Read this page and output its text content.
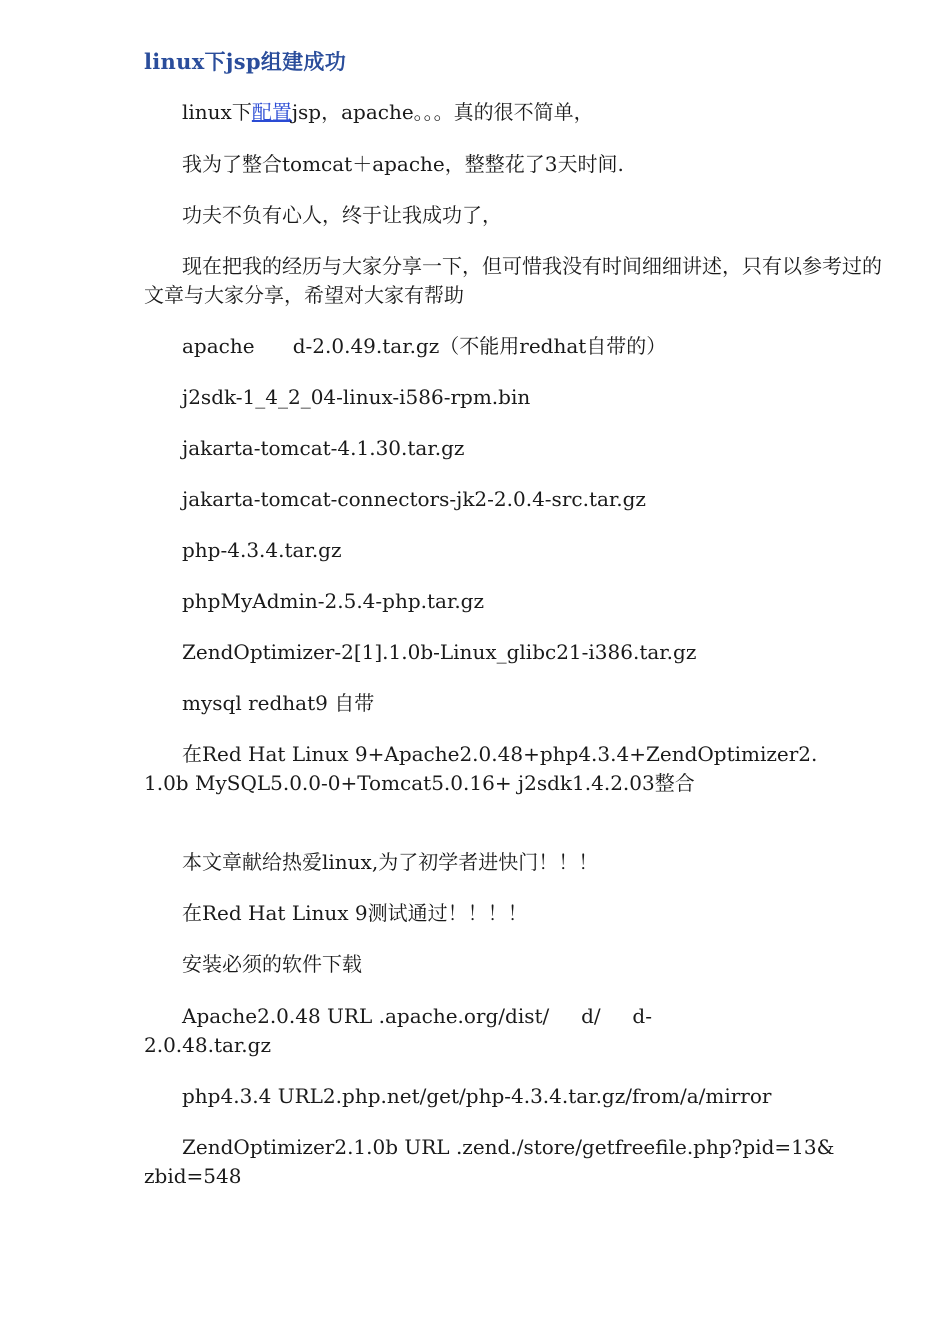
linux下jsp组建成功
linux下配置jsp，apache。。。真的很不简单，
我为了整合tomcat＋apache，整整花了3天时间.
功夫不负有心人，终于让我成功了，
现在把我的经历与大家分享一下，但可惜我没有时间细细讲述，只有以参考过的文章与大家分享，希望对大家有帮助
apache      d-2.0.49.tar.gz（不能用redhat自带的）
j2sdk-1_4_2_04-linux-i586-rpm.bin
jakarta-tomcat-4.1.30.tar.gz
jakarta-tomcat-connectors-jk2-2.0.4-src.tar.gz
php-4.3.4.tar.gz
phpMyAdmin-2.5.4-php.tar.gz
ZendOptimizer-2[1].1.0b-Linux_glibc21-i386.tar.gz
mysql redhat9 自带
在Red Hat Linux 9+Apache2.0.48+php4.3.4+ZendOptimizer2.1.0b MySQL5.0.0-0+Tomcat5.0.16+ j2sdk1.4.2.03整合
本文章献给热爱linux,为了初学者进快门！！！
在Red Hat Linux 9测试通过！！！！
安装必须的软件下载
Apache2.0.48 URL .apache.org/dist/     d/     d-2.0.48.tar.gz
php4.3.4 URL2.php.net/get/php-4.3.4.tar.gz/from/a/mirror
ZendOptimizer2.1.0b URL .zend./store/getfreefile.php?pid=13&zbid=548
